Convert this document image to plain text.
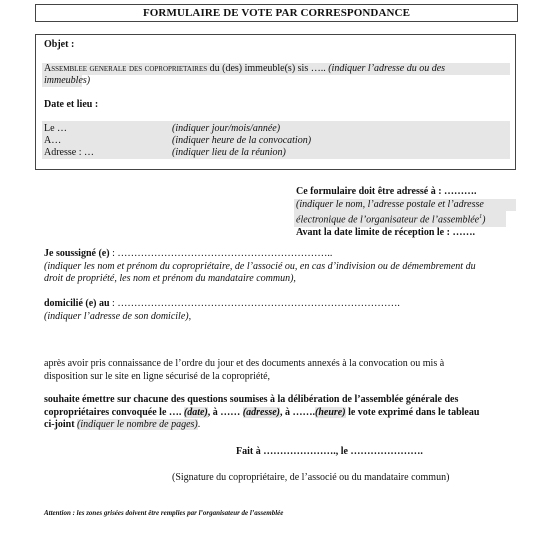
FORMULAIRE DE VOTE PAR CORRESPONDANCE
Objet :
Assemblee generale des coproprietaires du (des) immeuble(s) sis ….. (indiquer l’adresse du ou des
immeubles)
Date et lieu :
Le …	(indiquer jour/mois/année)
A…	(indiquer heure de la convocation)
Adresse : …	(indiquer lieu de la réunion)
Ce formulaire doit être adressé à : ……….
(indiquer le nom, l’adresse postale et l’adresse
électronique de l’organisateur de l’assemblée$^1$)
Avant la date limite de réception le : …….
Je soussigné (e) : ………………………………………………………..
(indiquer les nom et prénom du copropriétaire, de l’associé ou, en cas d’indivision ou de démembrement du
droit de propriété, les nom et prénom du mandataire commun),
domicilié (e) au : ………………………………………………………………………….
(indiquer l’adresse de son domicile),
après avoir pris connaissance de l’ordre du jour et des documents annexés à la convocation ou mis à
disposition sur le site en ligne sécurisé de la copropriété,
souhaite émettre sur chacune des questions soumises à la délibération de l’assemblée générale des
copropriétaires convoquée le …. (date), à …… (adresse), à …….(heure) le vote exprimé dans le tableau
ci-joint (indiquer le nombre de pages).
Fait à …………………., le ………………….
(Signature du copropriétaire, de l’associé ou du mandataire commun)
Attention : les zones grisées doivent être remplies par l’organisateur de l’assemblée
